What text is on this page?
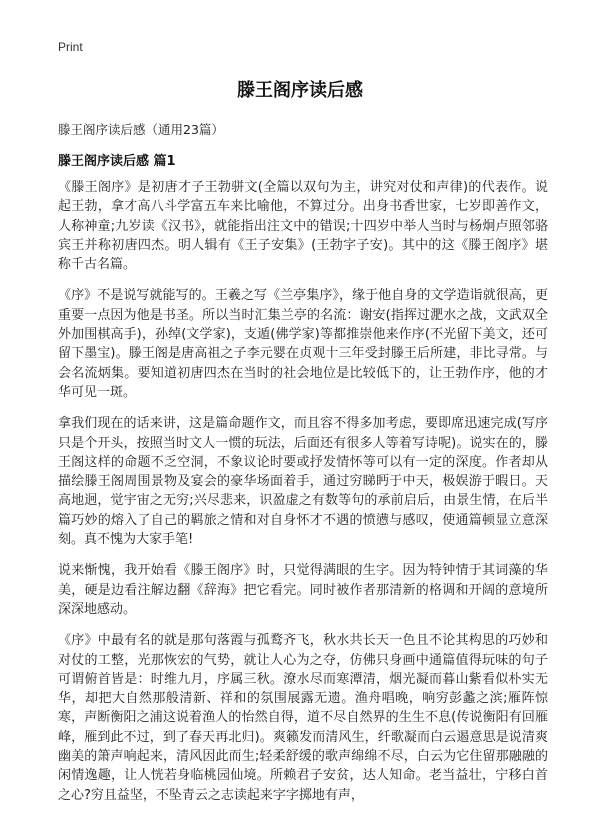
Print
滕王阁序读后感
滕王阁序读后感（通用23篇）
滕王阁序读后感 篇1

《滕王阁序》是初唐才子王勃骈文(全篇以双句为主，讲究对仗和声律)的代表作。说起王勃，拿才高八斗学富五车来比喻他，不算过分。出身书香世家，七岁即善作文，人称神童;九岁读《汉书》，就能指出注文中的错误;十四岁中举人当时与杨炯卢照邻骆宾王并称初唐四杰。明人辑有《王子安集》(王勃字子安)。其中的这《滕王阁序》堪称千古名篇。

《序》不是说写就能写的。王羲之写《兰亭集序》，缘于他自身的文学造诣就很高，更重要一点因为他是书圣。所以当时汇集兰亭的名流：谢安(指挥过淝水之战，文武双全外加围棋高手)，孙绰(文学家)，支遁(佛学家)等都推崇他来作序(不光留下美文，还可留下墨宝)。滕王阁是唐高祖之子李元婴在贞观十三年受封滕王后所建，非比寻常。与会名流炳集。要知道初唐四杰在当时的社会地位是比较低下的，让王勃作序，他的才华可见一斑。

拿我们现在的话来讲，这是篇命题作文，而且容不得多加考虑，要即席迅速完成(写序只是个开头，按照当时文人一惯的玩法，后面还有很多人等着写诗呢)。说实在的，滕王阁这样的命题不乏空洞，不象议论时要或抒发情怀等可以有一定的深度。作者却从描绘滕王阁周围景物及宴会的豪华场面着手，通过穷睇眄于中天，极娱游于暇日。天高地迥，觉宇宙之无穷;兴尽悲来，识盈虚之有数等句的承前启后，由景生情，在后半篇巧妙的熔入了自己的羁旅之情和对自身怀才不遇的愤懑与感叹，使通篇顿显立意深刻。真不愧为大家手笔!

说来惭愧，我开始看《滕王阁序》时，只觉得满眼的生字。因为特钟情于其词藻的华美，硬是边看注解边翻《辞海》把它看完。同时被作者那清新的格调和开阔的意境所深深地感动。

《序》中最有名的就是那句落霞与孤鹜齐飞，秋水共长天一色且不论其构思的巧妙和对仗的工整，光那恢宏的气势，就让人心为之夺，仿佛只身画中通篇值得玩味的句子可谓俯首皆是：时维九月，序属三秋。潦水尽而寒潭清，烟光凝而暮山紫看似朴实无华，却把大自然那般清新、祥和的氛围展露无遗。渔舟唱晚，响穷彭蠡之滨;雁阵惊寒，声断衡阳之浦这说着渔人的怡然自得，道不尽自然界的生生不息(传说衡阳有回雁峰，雁到此不过，到了春天再北归)。爽籁发而清风生，纤歌凝而白云遏意思是说清爽幽美的箫声响起来，清风因此而生;轻柔舒缓的歌声绵绵不尽，白云为它住留那融融的闲情逸趣，让人恍若身临桃园仙境。所赖君子安贫，达人知命。老当益壮，宁移白首之心?穷且益坚，不坠青云之志读起来字字掷地有声，
